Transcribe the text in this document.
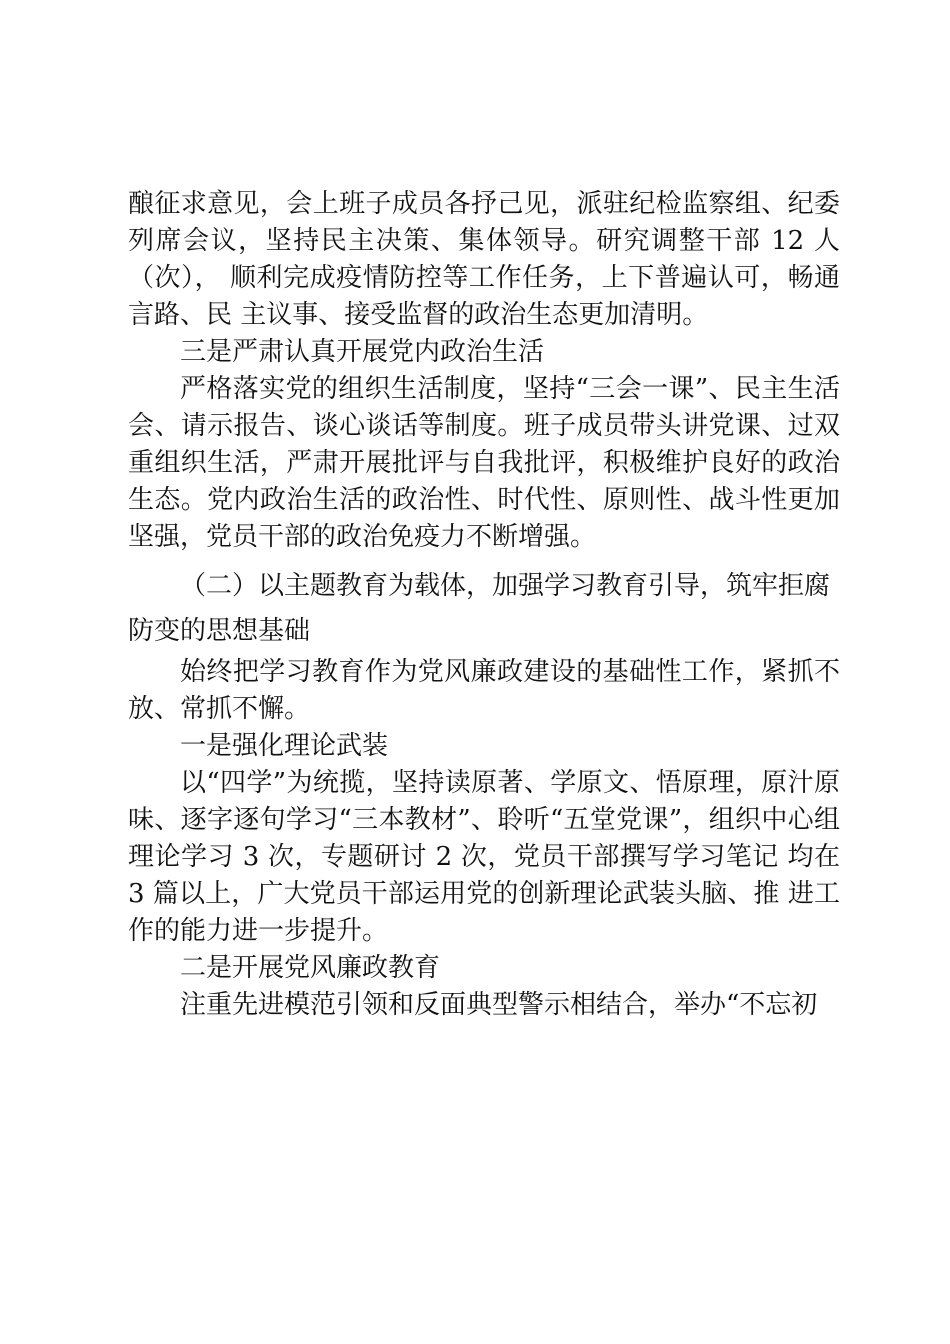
酿征求意见，会上班子成员各抒己见，派驻纪检监察组、纪委列席会议，坚持民主决策、集体领导。研究调整干部 12 人（次）， 顺利完成疫情防控等工作任务，上下普遍认可，畅通言路、民 主议事、接受监督的政治生态更加清明。

三是严肃认真开展党内政治生活

严格落实党的组织生活制度，坚持“三会一课”、民主生活会、请示报告、谈心谈话等制度。班子成员带头讲党课、过双重组织生活，严肃开展批评与自我批评，积极维护良好的政治生态。党内政治生活的政治性、时代性、原则性、战斗性更加坚强，党员干部的政治免疫力不断增强。

（二）以主题教育为载体，加强学习教育引导，筑牢拒腐防变的思想基础

始终把学习教育作为党风廉政建设的基础性工作，紧抓不放、常抓不懈。

一是强化理论武装

以“四学”为统揽，坚持读原著、学原文、悟原理，原汁原味、逐字逐句学习“三本教材”、聆听“五堂党课”，组织中心组理论学习 3 次，专题研讨 2 次，党员干部撰写学习笔记 均在 3 篇以上，广大党员干部运用党的创新理论武装头脑、推 进工作的能力进一步提升。

二是开展党风廉政教育

注重先进模范引领和反面典型警示相结合，举办“不忘初
